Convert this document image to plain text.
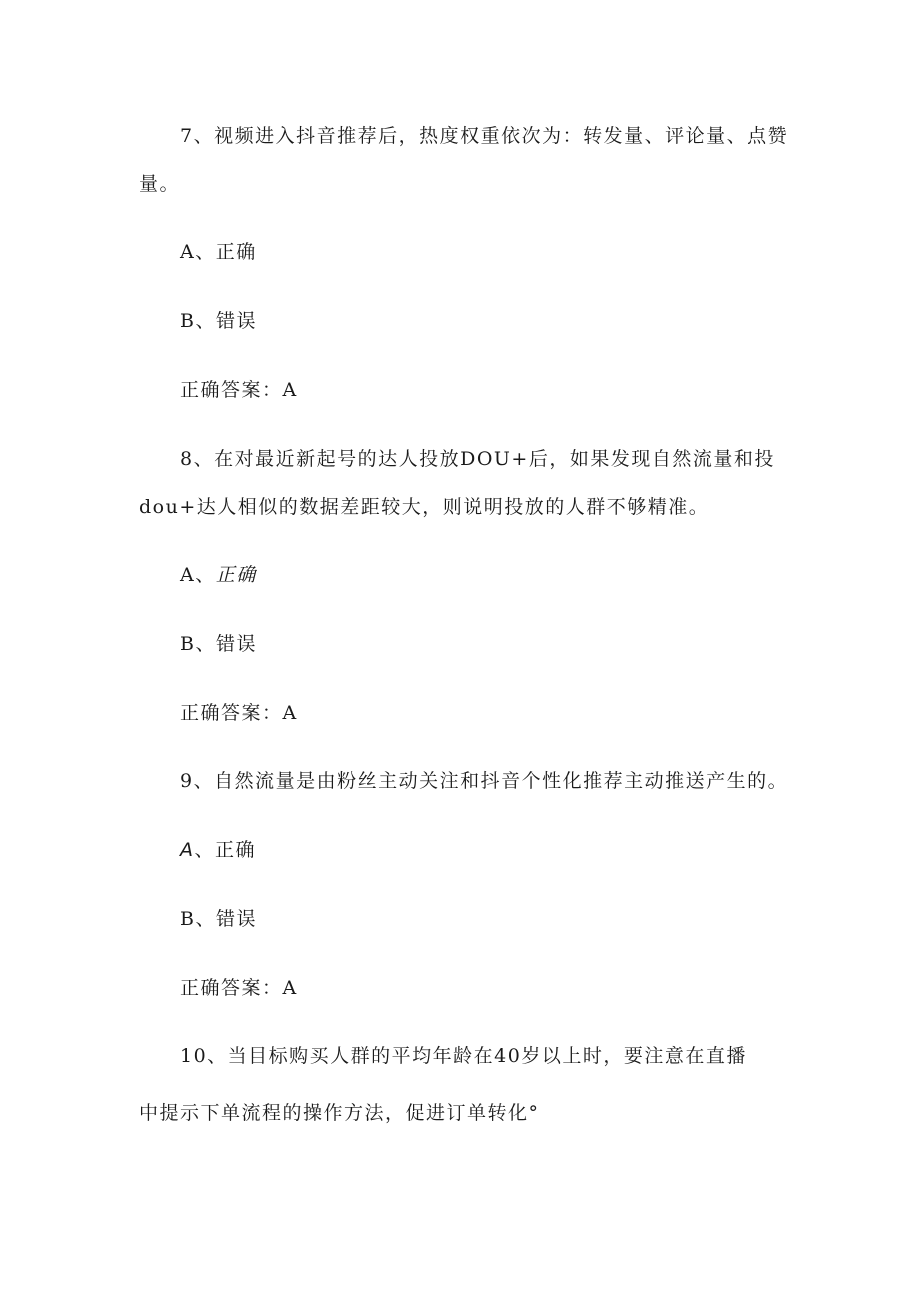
7、视频进入抖音推荐后，热度权重依次为：转发量、评论量、点赞
量。
A、正确
B、错误
正确答案：A
8、在对最近新起号的达人投放DOU+后，如果发现自然流量和投
dou+达人相似的数据差距较大，则说明投放的人群不够精准。
A、正确
B、错误
正确答案：A
9、自然流量是由粉丝主动关注和抖音个性化推荐主动推送产生的。
A、正确
B、错误
正确答案：A
10、当目标购买人群的平均年龄在40岁以上时，要注意在直播
中提示下单流程的操作方法，促进订单转化°
